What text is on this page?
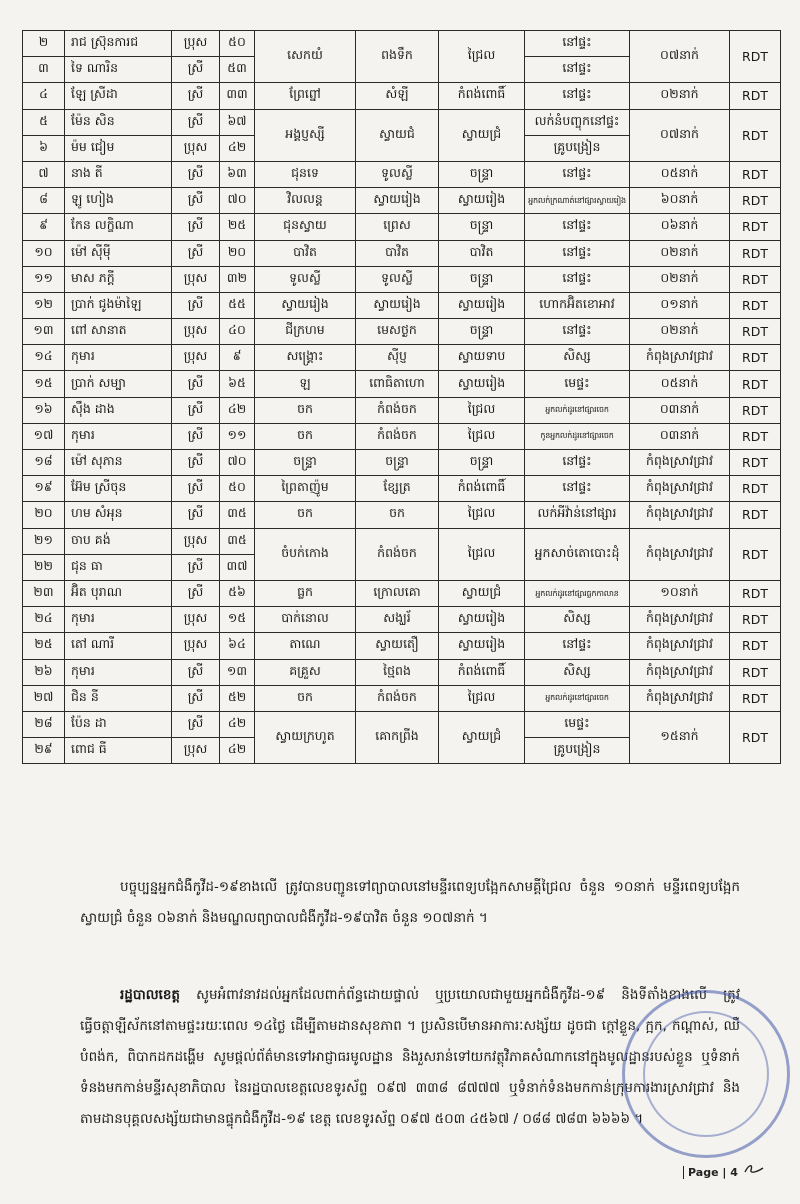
២	រាជ ស្រ៊ុនការជ	ប្រុស	៥០	សេកយំ	ពងទឹក	ជ្រៃល	នៅផ្ទះ	០៧នាក់	RDT
៣	ទៃ ណារិន	ស្រី	៥៣				នៅផ្ទះ		
៤	ឡែ ស្រីដា	ស្រី	៣៣	ព្រែព្នៅ	សំឡី	កំពង់ពោធិ៍	នៅផ្ទះ	០២នាក់	RDT
៥	ម៉ែន សិន	ស្រី	៦៧	អង្គប្ញស្សី	ស្វាយជំ	ស្វាយជ្រំ	លក់នំបញ្ចុកនៅផ្ទះ	០៧នាក់	RDT
៦	ម៉ម ជៀម	ប្រុស	៤២				គ្រូបង្រៀន		
៧	នាង តី	ស្រី	៦៣	ជុនទេ	ទូលស្លី	ចន្រ្ទា	នៅផ្ទះ	០៥នាក់	RDT
៨	ឡូ ហៀង	ស្រី	៧០	វិលលន្ត	ស្វាយរៀង	ស្វាយរៀង	អ្នកលក់ក្រណាត់នៅផ្សារស្វាយរៀង	៦០នាក់	RDT
៩	កែន លក្ខិណា	ស្រី	២៥	ជុនស្វាយ	ព្រេស	ចន្រ្ទា	នៅផ្ទះ	០៦នាក់	RDT
១០	ម៉ៅ ស៊ីម៉ី	ស្រី	២០	បាវិត	បាវិត	បាវិត	នៅផ្ទះ	០២នាក់	RDT
១១	មាស ភក្តី	ប្រុស	៣២	ទូលស្លី	ទូលស្លី	ចន្រ្ទា	នៅផ្ទះ	០២នាក់	RDT
១២	ប្រាក់ ជូងម៉ាឡៃ	ស្រី	៥៥	ស្វាយរៀង	ស្វាយរៀង	ស្វាយរៀង	ហោកអ៊ិតខោអាវ	០១នាក់	RDT
១៣	ពៅ សានាត	ប្រុស	៤០	ជីក្រហម	មេសថ្ងក	ចន្រ្ទា	នៅផ្ទះ	០២នាក់	RDT
១៤	កុមារ	ប្រុស	៩	សង្រ្គោះ	ស៊ីប្ញ	ស្វាយទាប	សិស្ស	កំពុងស្រាវជ្រាវ	RDT
១៥	ប្រាក់ សម្បា	ស្រី	៦៥	ឡ	ពោធិតាហោ	ស្វាយរៀង	មេផ្ទះ	០៥នាក់	RDT
១៦	ស៊ឹង ដាង	ស្រី	៤២	ចក	កំពង់ចក	ជ្រៃល	អ្នកលក់ដូរនៅផ្សារចេក	០៣នាក់	RDT
១៧	កុមារ	ស្រី	១១	ចក	កំពង់ចក	ជ្រៃល	កូនអ្នកលក់ដូរនៅផ្សារចេក	០៣នាក់	RDT
១៨	ម៉ៅ សុភាន	ស្រី	៧០	ចន្រ្ទា	ចន្រ្ទា	ចន្រ្ទា	នៅផ្ទះ	កំពុងស្រាវជ្រាវ	RDT
១៩	អ៊ែម ស្រីចុន	ស្រី	៥០	ព្រៃតាញ៉ូម	ខ្សែត្រ	កំពង់ពោធិ៍	នៅផ្ទះ	កំពុងស្រាវជ្រាវ	RDT
២០	ហម សំអុន	ស្រី	៣៥	ចក	ចក	ជ្រៃល	លក់អីវ៉ាន់នៅផ្សារ	កំពុងស្រាវជ្រាវ	RDT
២១	ចាប គង់	ប្រុស	៣៥	ចំបក់កោង	កំពង់ចក	ជ្រៃល	អ្នកសាច់តោបោះដុំ	កំពុងស្រាវជ្រាវ	RDT
២២	ជុន ធា	ស្រី	៣៧						
២៣	អ៊ិត បុរាណ	ស្រី	៥៦	ធ្លក	ក្រោលគោ	ស្វាយជ្រំ	អ្នកលក់ដូរនៅផ្សារធ្លកកាលាន	១០នាក់	RDT
២៤	កុមារ	ប្រុស	១៥	បាក់នោល	សង្ឃរ័	ស្វាយរៀង	សិស្ស	កំពុងស្រាវជ្រាវ	RDT
២៥	តៅ ណារី	ប្រុស	៦៤	តាណេ	ស្វាយតឿ	ស្វាយរៀង	នៅផ្ទះ	កំពុងស្រាវជ្រាវ	RDT
២៦	កុមារ	ស្រី	១៣	គគ្រួស	ថ្មៃពង	កំពង់ពោធិ៍	សិស្ស	កំពុងស្រាវជ្រាវ	RDT
២៧	ជិន នី	ស្រី	៥២	ចក	កំពង់ចក	ជ្រៃល	អ្នកលក់ដូរនៅផ្សារចេក	កំពុងស្រាវជ្រាវ	RDT
២៨	ប៉ែន ដា	ស្រី	៤២	ស្វាយក្រហូត	គោកព្រីង	ស្វាយជ្រំ	មេផ្ទះ	១៥នាក់	RDT
២៩	ពោជ ធី	ប្រុស	៤២				គ្រូបង្រៀន		
បច្ចុប្បន្នអ្នកជំងឺកូវីដ-១៩ខាងលើ ត្រូវបានបញ្ជូនទៅព្យាបាលនៅមន្ទីរពេទ្យបង្អែកសាមគ្គីជ្រៃល ចំនួន ១០នាក់ មន្ទីរពេទ្យបង្អែកស្វាយជ្រំ ចំនួន ០៦នាក់ និងមណ្ឌលព្យាបាលជំងឺកូវីដ-១៩បាវិត ចំនួន ១០៧នាក់ ។
រដ្ឋបាលខេត្ត សូមអំពាវនាវដល់អ្នកដែលពាក់ព័ន្ធដោយផ្ទាល់ ឬប្រយោលជាមួយអ្នកជំងឺកូវីដ-១៩ និងទីតាំងខាងលើ ត្រូវធ្វើចត្តាឡីស័កនៅតាមផ្ទះរយៈពេល ១៤ថ្ងៃ ដើម្បីតាមដានសុខភាព ។ ប្រសិនបើមានអាការៈសង្ស័យ ដូចជា ក្តៅខ្លួន, ក្អក, កណ្តាស់, ឈឺបំពង់ក, ពិបាកដកដង្ហើម សូមផ្តល់ព័ត៌មានទៅអាជ្ញាធរមូលដ្ឋាន និងរួសរាន់ទៅយកវត្ថុវិភាគសំណាកនៅក្នុងមូលដ្ឋានរបស់ខ្លួន ឬទំនាក់ទំនងមកកាន់មន្ទីរសុខាភិបាល នៃរដ្ឋបាលខេត្តលេខទូរស័ព្ទ ០៩៧ ៣៣៨ ៨៧៧៧ ឬទំនាក់ទំនងមកកាន់ក្រុមការងារស្រាវជ្រាវ និងតាមដានបុគ្គលសង្ស័យជាមានផ្ទុកជំងឺកូវីដ-១៩ ខេត្ត លេខទូរស័ព្ទ ០៩៧ ៥០៣ ៤៥៦៧ / ០៨៨ ៧៨៣ ៦៦៦៦ ។
Page | 4
